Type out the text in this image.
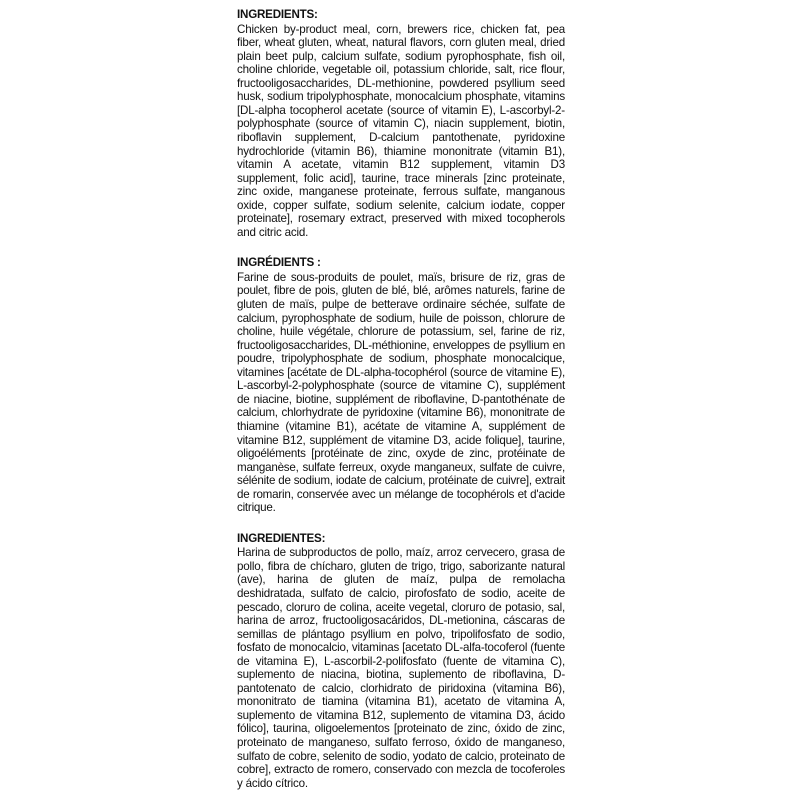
INGREDIENTS:

Chicken by-product meal, corn, brewers rice, chicken fat, pea fiber, wheat gluten, wheat, natural flavors, corn gluten meal, dried plain beet pulp, calcium sulfate, sodium pyrophosphate, fish oil, choline chloride, vegetable oil, potassium chloride, salt, rice flour, fructooligosaccharides, DL-methionine, powdered psyllium seed husk, sodium tripolyphosphate, monocalcium phosphate, vitamins [DL-alpha tocopherol acetate (source of vitamin E), L-ascorbyl-2-polyphosphate (source of vitamin C), niacin supplement, biotin, riboflavin supplement, D-calcium pantothenate, pyridoxine hydrochloride (vitamin B6), thiamine mononitrate (vitamin B1), vitamin A acetate, vitamin B12 supplement, vitamin D3 supplement, folic acid], taurine, trace minerals [zinc proteinate, zinc oxide, manganese proteinate, ferrous sulfate, manganous oxide, copper sulfate, sodium selenite, calcium iodate, copper proteinate], rosemary extract, preserved with mixed tocopherols and citric acid.

INGRÉDIENTS :

Farine de sous-produits de poulet, maïs, brisure de riz, gras de poulet, fibre de pois, gluten de blé, blé, arômes naturels, farine de gluten de maïs, pulpe de betterave ordinaire séchée, sulfate de calcium, pyrophosphate de sodium, huile de poisson, chlorure de choline, huile végétale, chlorure de potassium, sel, farine de riz, fructooligosaccharides, DL-méthionine, enveloppes de psyllium en poudre, tripolyphosphate de sodium, phosphate monocalcique, vitamines [acétate de DL-alpha-tocophérol (source de vitamine E), L-ascorbyl-2-polyphosphate (source de vitamine C), supplément de niacine, biotine, supplément de riboflavine, D-pantothénate de calcium, chlorhydrate de pyridoxine (vitamine B6), mononitrate de thiamine (vitamine B1), acétate de vitamine A, supplément de vitamine B12, supplément de vitamine D3, acide folique], taurine, oligoéléments [protéinate de zinc, oxyde de zinc, protéinate de manganèse, sulfate ferreux, oxyde manganeux, sulfate de cuivre, sélénite de sodium, iodate de calcium, protéinate de cuivre], extrait de romarin, conservée avec un mélange de tocophérols et d'acide citrique.

INGREDIENTES:

Harina de subproductos de pollo, maíz, arroz cervecero, grasa de pollo, fibra de chícharo, gluten de trigo, trigo, saborizante natural (ave), harina de gluten de maíz, pulpa de remolacha deshidratada, sulfato de calcio, pirofosfato de sodio, aceite de pescado, cloruro de colina, aceite vegetal, cloruro de potasio, sal, harina de arroz, fructooligosacáridos, DL-metionina, cáscaras de semillas de plántago psyllium en polvo, tripolifosfato de sodio, fosfato de monocalcio, vitaminas [acetato DL-alfa-tocoferol (fuente de vitamina E), L-ascorbil-2-polifosfato (fuente de vitamina C), suplemento de niacina, biotina, suplemento de riboflavina, D-pantotenato de calcio, clorhidrato de piridoxina (vitamina B6), mononitrato de tiamina (vitamina B1), acetato de vitamina A, suplemento de vitamina B12, suplemento de vitamina D3, ácido fólico], taurina, oligoelementos [proteinato de zinc, óxido de zinc, proteinato de manganeso, sulfato ferroso, óxido de manganeso, sulfato de cobre, selenito de sodio, yodato de calcio, proteinato de cobre], extracto de romero, conservado con mezcla de tocoferoles y ácido cítrico.
